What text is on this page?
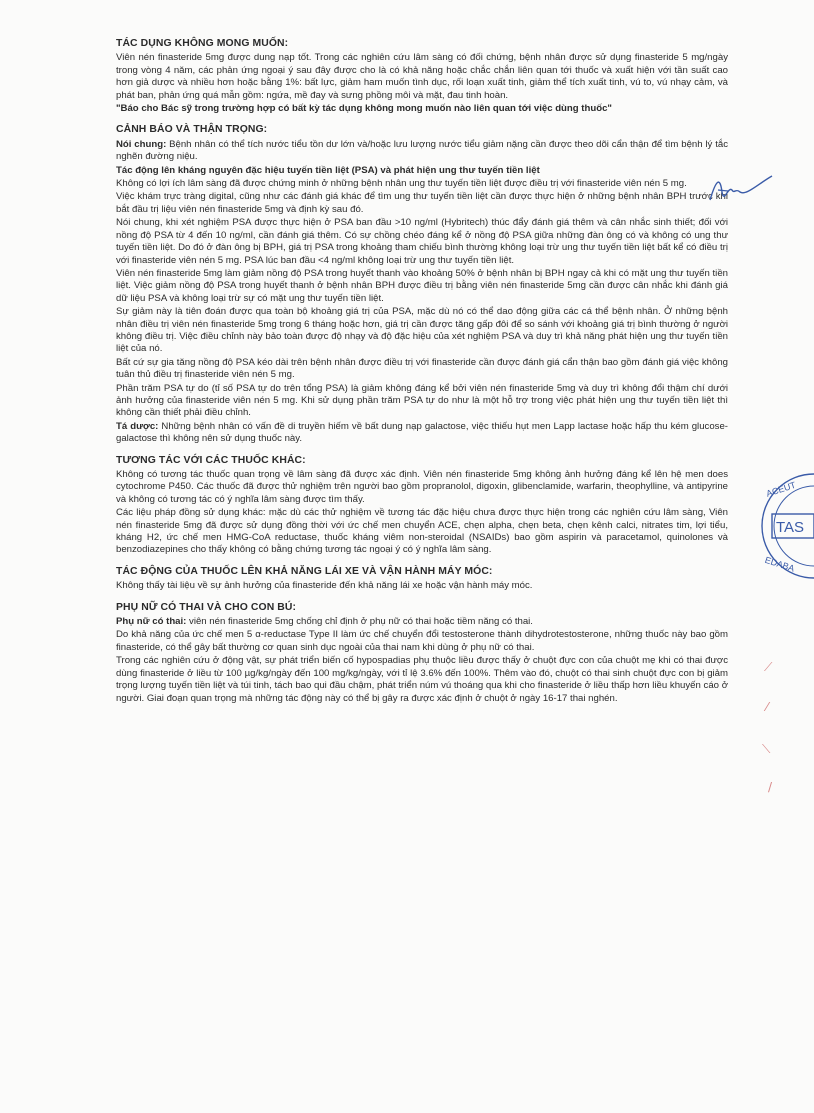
TÁC DỤNG KHÔNG MONG MUỐN:

Viên nén finasteride 5mg được dung nạp tốt. Trong các nghiên cứu lâm sàng có đối chứng, bệnh nhân được sử dụng finasteride 5 mg/ngày trong vòng 4 năm, các phản ứng ngoại ý sau đây được cho là có khả năng hoặc chắc chắn liên quan tới thuốc và xuất hiện với tần suất cao hơn giả dược và nhiều hơn hoặc bằng 1%: bất lực, giảm ham muốn tình dục, rối loạn xuất tinh, giảm thể tích xuất tinh, vú to, vú nhạy cảm, và phát ban, phản ứng quá mẫn gồm: ngứa, mề đay và sưng phồng môi và mặt, đau tinh hoàn.

"Báo cho Bác sỹ trong trường hợp có bất kỳ tác dụng không mong muốn nào liên quan tới việc dùng thuốc"

CẢNH BÁO VÀ THẬN TRỌNG:

Nói chung: Bệnh nhân có thể tích nước tiểu tồn dư lớn và/hoặc lưu lượng nước tiểu giảm nặng cần được theo dõi cẩn thận để tìm bệnh lý tắc nghẽn đường niệu.

Tác động lên kháng nguyên đặc hiệu tuyến tiền liệt (PSA) và phát hiện ung thư tuyến tiền liệt

Không có lợi ích lâm sàng đã được chứng minh ở những bệnh nhân ung thư tuyến tiền liệt được điều trị với finasteride viên nén 5 mg.

Việc khám trực tràng digital, cũng như các đánh giá khác để tìm ung thư tuyến tiền liệt cần được thực hiện ở những bệnh nhân BPH trước khi bắt đầu trị liệu viên nén finasteride 5mg và định kỳ sau đó.

Nói chung, khi xét nghiệm PSA được thực hiện ở PSA ban đầu >10 ng/ml (Hybritech) thúc đẩy đánh giá thêm và cân nhắc sinh thiết; đối với nồng độ PSA từ 4 đến 10 ng/ml, cần đánh giá thêm. Có sự chồng chéo đáng kể ở nồng độ PSA giữa những đàn ông có và không có ung thư tuyến tiền liệt. Do đó ở đàn ông bị BPH, giá trị PSA trong khoảng tham chiếu bình thường không loại trừ ung thư tuyến tiền liệt bất kể có điều trị với finasteride viên nén 5 mg. PSA lúc ban đầu <4 ng/ml không loại trừ ung thư tuyến tiền liệt.

Viên nén finasteride 5mg làm giảm nồng độ PSA trong huyết thanh vào khoảng 50% ở bệnh nhân bị BPH ngay cả khi có mặt ung thư tuyến tiền liệt. Việc giảm nồng độ PSA trong huyết thanh ở bệnh nhân BPH được điều trị bằng viên nén finasteride 5mg cần được cân nhắc khi đánh giá dữ liệu PSA và không loại trừ sự có mặt ung thư tuyến tiền liệt.

Sự giảm này là tiên đoán được qua toàn bộ khoảng giá trị của PSA, mặc dù nó có thể dao động giữa các cá thể bệnh nhân. Ở những bệnh nhân điều trị viên nén finasteride 5mg trong 6 tháng hoặc hơn, giá trị cần được tăng gấp đôi để so sánh với khoảng giá trị bình thường ở người không điều trị. Việc điều chỉnh này bảo toàn được độ nhạy và độ đặc hiệu của xét nghiệm PSA và duy trì khả năng phát hiện ung thư tuyến tiền liệt của nó.

Bất cứ sự gia tăng nồng độ PSA kéo dài trên bệnh nhân được điều trị với finasteride cần được đánh giá cẩn thận bao gồm đánh giá việc không tuân thủ điều trị finasteride viên nén 5 mg.

Phần trăm PSA tự do (tỉ số PSA tự do trên tổng PSA) là giảm không đáng kể bởi viên nén finasteride 5mg và duy trì không đổi thậm chí dưới ảnh hưởng của finasteride viên nén 5 mg. Khi sử dụng phần trăm PSA tự do như là một hỗ trợ trong việc phát hiện ung thư tuyến tiền liệt thì không cần thiết phải điều chỉnh.

Tá dược: Những bệnh nhân có vấn đề di truyền hiếm về bất dung nạp galactose, việc thiếu hụt men Lapp lactase hoặc hấp thu kém glucose-galactose thì không nên sử dụng thuốc này.

TƯƠNG TÁC VỚI CÁC THUỐC KHÁC:

Không có tương tác thuốc quan trọng về lâm sàng đã được xác định. Viên nén finasteride 5mg không ảnh hưởng đáng kể lên hệ men does cytochrome P450. Các thuốc đã được thử nghiệm trên người bao gồm propranolol, digoxin, glibenclamide, warfarin, theophylline, và antipyrine và không có tương tác có ý nghĩa lâm sàng được tìm thấy.

Các liệu pháp đồng sử dụng khác: mặc dù các thử nghiệm về tương tác đặc hiệu chưa được thực hiện trong các nghiên cứu lâm sàng, Viên nén finasteride 5mg đã được sử dụng đồng thời với ức chế men chuyển ACE, chẹn alpha, chẹn beta, chẹn kênh calci, nitrates tim, lợi tiểu, kháng H2, ức chế men HMG-CoA reductase, thuốc kháng viêm non-steroidal (NSAIDs) bao gồm aspirin và paracetamol, quinolones và benzodiazepines cho thấy không có bằng chứng tương tác ngoại ý có ý nghĩa lâm sàng.

TÁC ĐỘNG CỦA THUỐC LÊN KHẢ NĂNG LÁI XE VÀ VẬN HÀNH MÁY MÓC:

Không thấy tài liệu về sự ảnh hưởng của finasteride đến khả năng lái xe hoặc vận hành máy móc.

PHỤ NỮ CÓ THAI VÀ CHO CON BÚ:

Phụ nữ có thai: viên nén finasteride 5mg chống chỉ định ở phụ nữ có thai hoặc tiềm năng có thai.

Do khả năng của ức chế men 5 α-reductase Type II làm ức chế chuyển đổi testosterone thành dihydrotestosterone, những thuốc này bao gồm finasteride, có thể gây bất thường cơ quan sinh dục ngoài của thai nam khi dùng ở phụ nữ có thai.

Trong các nghiên cứu ở động vật, sự phát triển biến cố hypospadias phụ thuộc liều được thấy ở chuột đực con của chuột mẹ khi có thai được dùng finasteride ở liều từ 100 µg/kg/ngày đến 100 mg/kg/ngày, với tỉ lệ 3.6% đến 100%. Thêm vào đó, chuột có thai sinh chuột đực con bị giảm trọng lượng tuyến tiền liệt và túi tinh, tách bao qui đầu chậm, phát triển núm vú thoáng qua khi cho finasteride ở liều thấp hơn liều khuyến cáo ở người. Giai đoạn quan trọng mà những tác động này có thể bị gây ra được xác định ở chuột ở ngày 16-17 thai nghén.

TAS
ACEUT
EDABA
⟋
⁄
⟍
/
